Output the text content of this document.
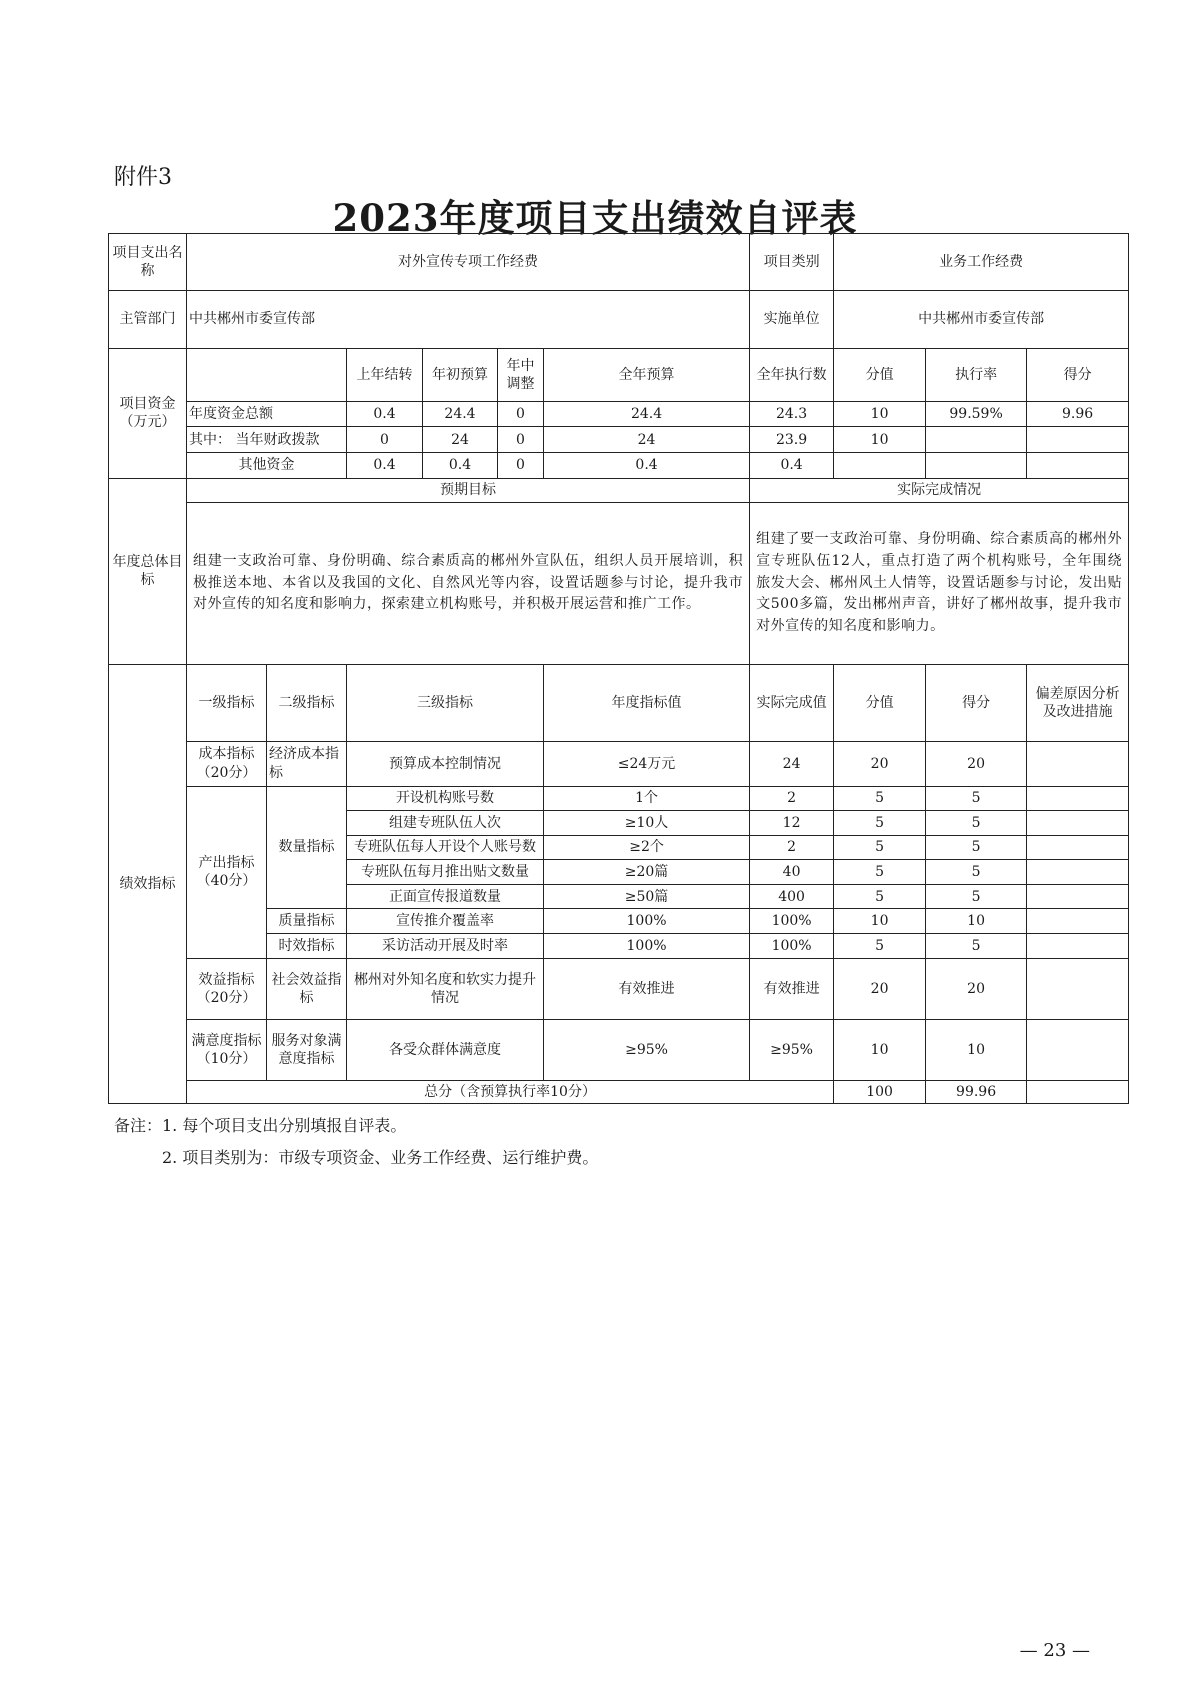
附件3
2023年度项目支出绩效自评表
项目支出名称	对外宣传专项工作经费						项目类别	业务工作经费		
主管部门	中共郴州市委宣传部						实施单位	中共郴州市委宣传部		
项目资金（万元）			上年结转	年初预算	年中调整	全年预算	全年执行数	分值	执行率	得分
	年度资金总额		0.4	24.4	0	24.4	24.3	10	99.59%	9.96
	其中： 当年财政拨款		0	24	0	24	23.9	10		
	其他资金		0.4	0.4	0	0.4	0.4			
年度总体目标	预期目标						实际完成情况			
	组建一支政治可靠、身份明确、综合素质高的郴州外宣队伍，组织人员开展培训，积极推送本地、本省以及我国的文化、自然风光等内容，设置话题参与讨论，提升我市对外宣传的知名度和影响力，探索建立机构账号，并积极开展运营和推广工作。						组建了要一支政治可靠、身份明确、综合素质高的郴州外宣专班队伍12人，重点打造了两个机构账号，全年围绕旅发大会、郴州风土人情等，设置话题参与讨论，发出贴文500多篇，发出郴州声音，讲好了郴州故事，提升我市对外宣传的知名度和影响力。			
绩效指标	一级指标	二级指标	三级指标			年度指标值	实际完成值	分值	得分	偏差原因分析及改进措施
	成本指标（20分）	经济成本指标	预算成本控制情况			≤24万元	24	20	20	
	产出指标（40分）	数量指标	开设机构账号数			1个	2	5	5	
			组建专班队伍人次			≥10人	12	5	5	
			专班队伍每人开设个人账号数			≥2个	2	5	5	
			专班队伍每月推出贴文数量			≥20篇	40	5	5	
			正面宣传报道数量			≥50篇	400	5	5	
		质量指标	宣传推介覆盖率			100%	100%	10	10	
		时效指标	采访活动开展及时率			100%	100%	5	5	
	效益指标（20分）	社会效益指标	郴州对外知名度和软实力提升情况			有效推进	有效推进	20	20	
	满意度指标（10分）	服务对象满意度指标	各受众群体满意度			≥95%	≥95%	10	10	
	总分（含预算执行率10分）							100	99.96	
备注：1. 每个项目支出分别填报自评表。
2. 项目类别为：市级专项资金、业务工作经费、运行维护费。
— 23 —
